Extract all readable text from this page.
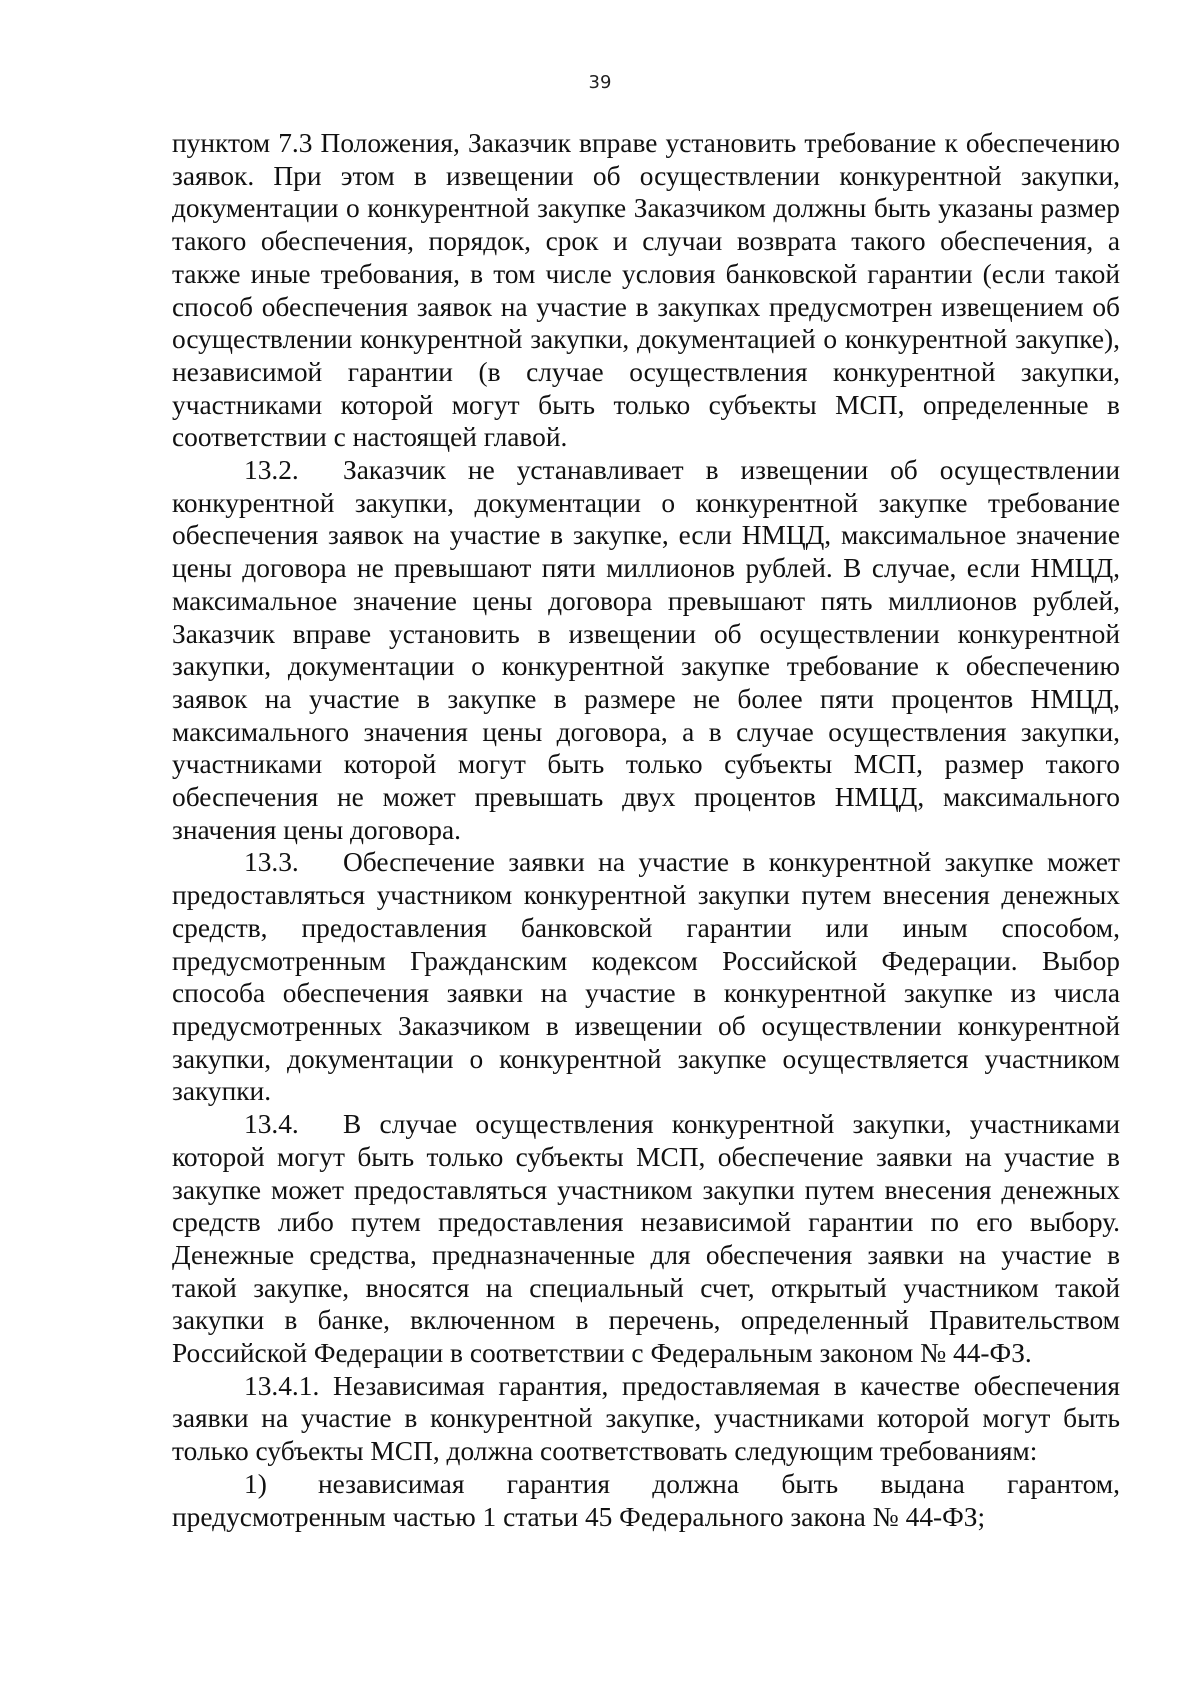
39

пунктом 7.3 Положения, Заказчик вправе установить требование к обеспечению заявок. При этом в извещении об осуществлении конкурентной закупки, документации о конкурентной закупке Заказчиком должны быть указаны размер такого обеспечения, порядок, срок и случаи возврата такого обеспечения, а также иные требования, в том числе условия банковской гарантии (если такой способ обеспечения заявок на участие в закупках предусмотрен извещением об осуществлении конкурентной закупки, документацией о конкурентной закупке), независимой гарантии (в случае осуществления конкурентной закупки, участниками которой могут быть только субъекты МСП, определенные в соответствии с настоящей главой.

13.2. Заказчик не устанавливает в извещении об осуществлении конкурентной закупки, документации о конкурентной закупке требование обеспечения заявок на участие в закупке, если НМЦД, максимальное значение цены договора не превышают пяти миллионов рублей. В случае, если НМЦД, максимальное значение цены договора превышают пять миллионов рублей, Заказчик вправе установить в извещении об осуществлении конкурентной закупки, документации о конкурентной закупке требование к обеспечению заявок на участие в закупке в размере не более пяти процентов НМЦД, максимального значения цены договора, а в случае осуществления закупки, участниками которой могут быть только субъекты МСП, размер такого обеспечения не может превышать двух процентов НМЦД, максимального значения цены договора.

13.3. Обеспечение заявки на участие в конкурентной закупке может предоставляться участником конкурентной закупки путем внесения денежных средств, предоставления банковской гарантии или иным способом, предусмотренным Гражданским кодексом Российской Федерации. Выбор способа обеспечения заявки на участие в конкурентной закупке из числа предусмотренных Заказчиком в извещении об осуществлении конкурентной закупки, документации о конкурентной закупке осуществляется участником закупки.

13.4. В случае осуществления конкурентной закупки, участниками которой могут быть только субъекты МСП, обеспечение заявки на участие в закупке может предоставляться участником закупки путем внесения денежных средств либо путем предоставления независимой гарантии по его выбору. Денежные средства, предназначенные для обеспечения заявки на участие в такой закупке, вносятся на специальный счет, открытый участником такой закупки в банке, включенном в перечень, определенный Правительством Российской Федерации в соответствии с Федеральным законом № 44-ФЗ.

13.4.1. Независимая гарантия, предоставляемая в качестве обеспечения заявки на участие в конкурентной закупке, участниками которой могут быть только субъекты МСП, должна соответствовать следующим требованиям:

1) независимая гарантия должна быть выдана гарантом, предусмотренным частью 1 статьи 45 Федерального закона № 44-ФЗ;
